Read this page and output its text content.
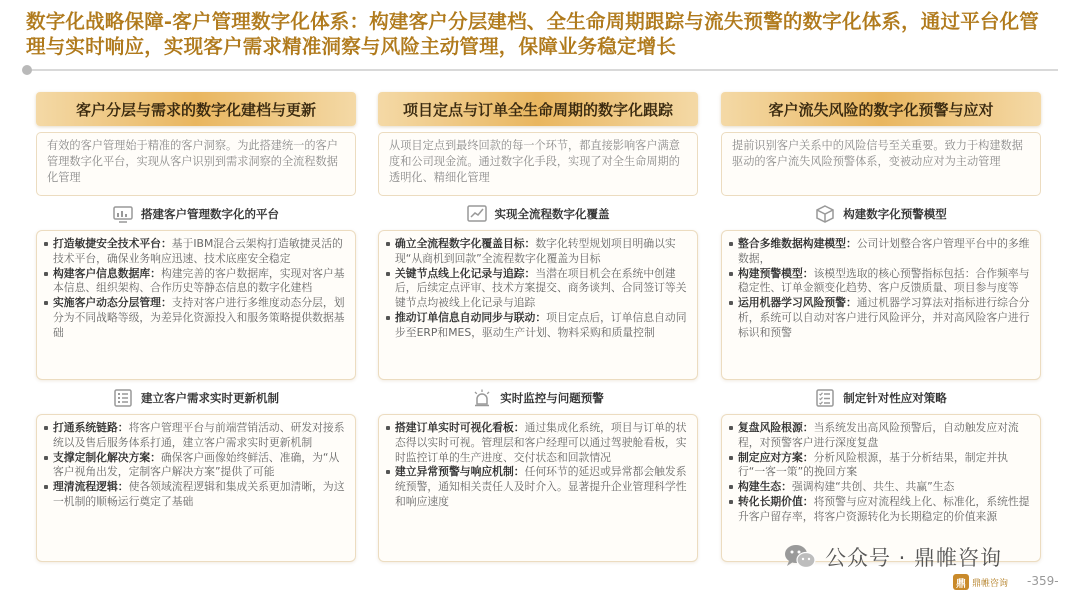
数字化战略保障-客户管理数字化体系：构建客户分层建档、全生命周期跟踪与流失预警的数字化体系，通过平台化管理与实时响应，实现客户需求精准洞察与风险主动管理，保障业务稳定增长
客户分层与需求的数字化建档与更新
有效的客户管理始于精准的客户洞察。为此搭建统一的客户管理数字化平台，实现从客户识别到需求洞察的全流程数据化管理
搭建客户管理数字化的平台
打造敏捷安全技术平台：基于IBM混合云架构打造敏捷灵活的技术平台，确保业务响应迅速、技术底座安全稳定
构建客户信息数据库：构建完善的客户数据库，实现对客户基本信息、组织架构、合作历史等静态信息的数字化建档
实施客户动态分层管理：支持对客户进行多维度动态分层，划分为不同战略等级，为差异化资源投入和服务策略提供数据基础
建立客户需求实时更新机制
打通系统链路：将客户管理平台与前端营销活动、研发对接系统以及售后服务体系打通，建立客户需求实时更新机制
支撑定制化解决方案：确保客户画像始终鲜活、准确，为“从客户视角出发，定制客户解决方案”提供了可能
理清流程逻辑：使各领域流程逻辑和集成关系更加清晰，为这一机制的顺畅运行奠定了基础
项目定点与订单全生命周期的数字化跟踪
从项目定点到最终回款的每一个环节，都直接影响客户满意度和公司现金流。通过数字化手段，实现了对全生命周期的透明化、精细化管理
实现全流程数字化覆盖
确立全流程数字化覆盖目标：数字化转型规划项目明确以实现“从商机到回款”全流程数字化覆盖为目标
关键节点线上化记录与追踪：当潜在项目机会在系统中创建后，后续定点评审、技术方案提交、商务谈判、合同签订等关键节点均被线上化记录与追踪
推动订单信息自动同步与联动：项目定点后，订单信息自动同步至ERP和MES，驱动生产计划、物料采购和质量控制
实时监控与问题预警
搭建订单实时可视化看板：通过集成化系统，项目与订单的状态得以实时可视。管理层和客户经理可以通过驾驶舱看板，实时监控订单的生产进度、交付状态和回款情况
建立异常预警与响应机制：任何环节的延迟或异常都会触发系统预警，通知相关责任人及时介入。显著提升企业管理科学性和响应速度
客户流失风险的数字化预警与应对
提前识别客户关系中的风险信号至关重要。致力于构建数据驱动的客户流失风险预警体系，变被动应对为主动管理
构建数字化预警模型
整合多维数据构建模型：公司计划整合客户管理平台中的多维数据，
构建预警模型：该模型选取的核心预警指标包括：合作频率与稳定性、订单金额变化趋势、客户反馈质量、项目参与度等
运用机器学习风险预警：通过机器学习算法对指标进行综合分析，系统可以自动对客户进行风险评分，并对高风险客户进行标识和预警
制定针对性应对策略
复盘风险根源：当系统发出高风险预警后，自动触发应对流程，对预警客户进行深度复盘
制定应对方案：分析风险根源，基于分析结果，制定并执行“一客一策”的挽回方案
构建生态：强调构建“共创、共生、共赢”生态
转化长期价值：将预警与应对流程线上化、标准化，系统性提升客户留存率，将客户资源转化为长期稳定的价值来源
公众号 · 鼎帷咨询
鼎 鼎帷咨询 -359-
